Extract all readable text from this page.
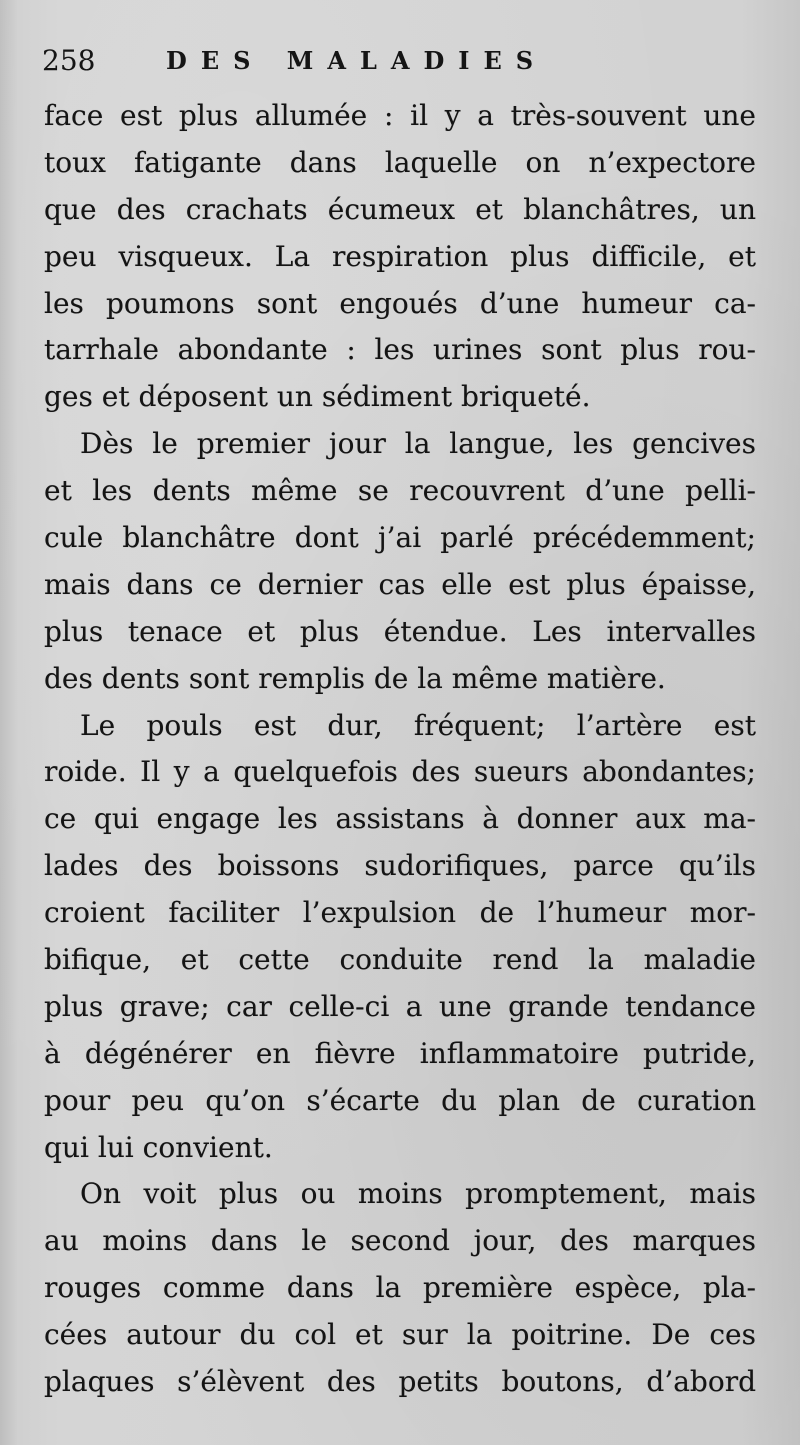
258	DES MALADIES
face est plus allumée : il y a très-souvent une
toux fatigante dans laquelle on n’expectore
que des crachats écumeux et blanchâtres, un
peu visqueux. La respiration plus difficile, et
les poumons sont engoués d’une humeur ca-
tarrhale abondante : les urines sont plus rou-
ges et déposent un sédiment briqueté.
Dès le premier jour la langue, les gencives
et les dents même se recouvrent d’une pelli-
cule blanchâtre dont j’ai parlé précédemment;
mais dans ce dernier cas elle est plus épaisse,
plus tenace et plus étendue. Les intervalles
des dents sont remplis de la même matière.
Le pouls est dur, fréquent; l’artère est
roide. Il y a quelquefois des sueurs abondantes;
ce qui engage les assistans à donner aux ma-
lades des boissons sudorifiques, parce qu’ils
croient faciliter l’expulsion de l’humeur mor-
bifique, et cette conduite rend la maladie
plus grave; car celle-ci a une grande tendance
à dégénérer en fièvre inflammatoire putride,
pour peu qu’on s’écarte du plan de curation
qui lui convient.
On voit plus ou moins promptement, mais
au moins dans le second jour, des marques
rouges comme dans la première espèce, pla-
cées autour du col et sur la poitrine. De ces
plaques s’élèvent des petits boutons, d’abord
